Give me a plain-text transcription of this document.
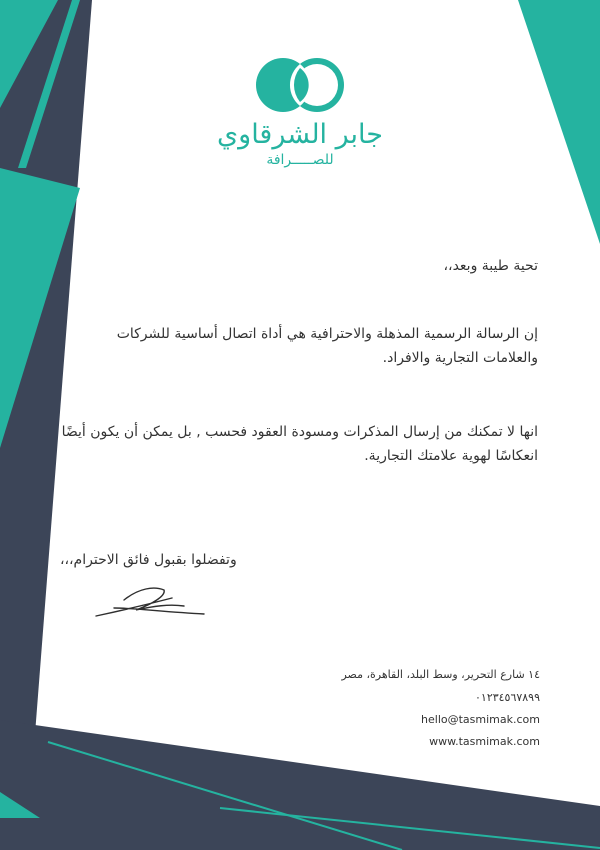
جابر الشرقاوي
للصـــــرافة
تحية طيبة وبعد،،
إن الرسالة الرسمية المذهلة والاحترافية هي أداة اتصال أساسية للشركات والعلامات التجارية والافراد.
انها لا تمكنك من إرسال المذكرات ومسودة العقود فحسب , بل يمكن أن يكون أيضًا انعكاسًا لهوية علامتك التجارية.
وتفضلوا بقبول فائق الاحترام،،،
١٤ شارع التحرير، وسط البلد، القاهرة، مصر
٠١٢٣٤٥٦٧٨٩٩
hello@tasmimak.com
www.tasmimak.com
